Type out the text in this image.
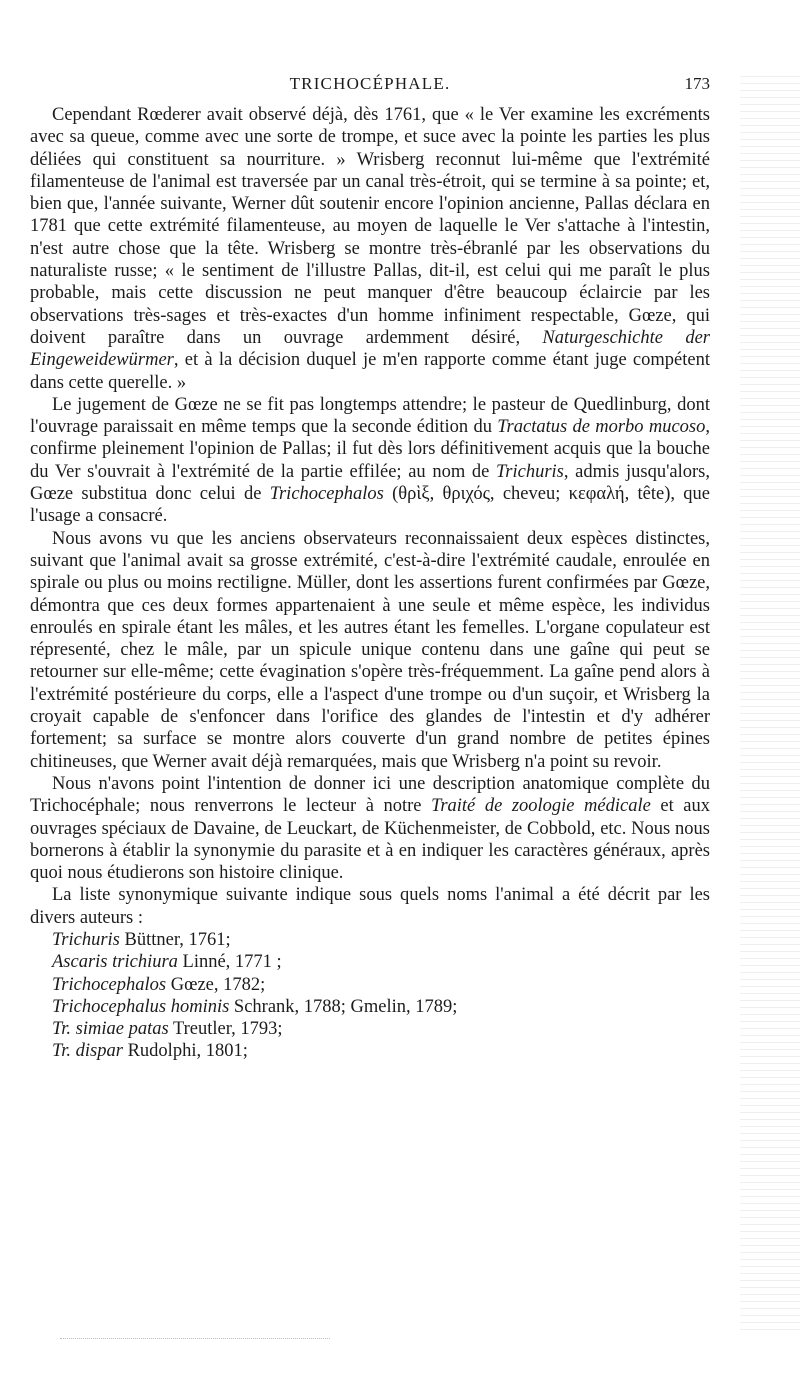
TRICHOCÉPHALE.	173

Cependant Rœderer avait observé déjà, dès 1761, que « le Ver examine les excréments avec sa queue, comme avec une sorte de trompe, et suce avec la pointe les parties les plus déliées qui constituent sa nourriture. » Wrisberg reconnut lui-même que l'extrémité filamenteuse de l'animal est traversée par un canal très-étroit, qui se termine à sa pointe; et, bien que, l'année suivante, Werner dût soutenir encore l'opinion ancienne, Pallas déclara en 1781 que cette extrémité filamenteuse, au moyen de laquelle le Ver s'attache à l'intestin, n'est autre chose que la tête. Wrisberg se montre très-ébranlé par les observations du naturaliste russe; « le sentiment de l'illustre Pallas, dit-il, est celui qui me paraît le plus probable, mais cette discussion ne peut manquer d'être beaucoup éclaircie par les observations très-sages et très-exactes d'un homme infiniment respectable, Gœze, qui doivent paraître dans un ouvrage ardemment désiré, Naturgeschichte der Eingeweidewürmer, et à la décision duquel je m'en rapporte comme étant juge compétent dans cette querelle. »

Le jugement de Gœze ne se fit pas longtemps attendre; le pasteur de Quedlinburg, dont l'ouvrage paraissait en même temps que la seconde édition du Tractatus de morbo mucoso, confirme pleinement l'opinion de Pallas; il fut dès lors définitivement acquis que la bouche du Ver s'ouvrait à l'extrémité de la partie effilée; au nom de Trichuris, admis jusqu'alors, Gœze substitua donc celui de Trichocephalos (θρὶξ, θριχός, cheveu; κεφαλή, tête), que l'usage a consacré.

Nous avons vu que les anciens observateurs reconnaissaient deux espèces distinctes, suivant que l'animal avait sa grosse extrémité, c'est-à-dire l'extrémité caudale, enroulée en spirale ou plus ou moins rectiligne. Müller, dont les assertions furent confirmées par Gœze, démontra que ces deux formes appartenaient à une seule et même espèce, les individus enroulés en spirale étant les mâles, et les autres étant les femelles. L'organe copulateur est répresenté, chez le mâle, par un spicule unique contenu dans une gaîne qui peut se retourner sur elle-même; cette évagination s'opère très-fréquemment. La gaîne pend alors à l'extrémité postérieure du corps, elle a l'aspect d'une trompe ou d'un suçoir, et Wrisberg la croyait capable de s'enfoncer dans l'orifice des glandes de l'intestin et d'y adhérer fortement; sa surface se montre alors couverte d'un grand nombre de petites épines chitineuses, que Werner avait déjà remarquées, mais que Wrisberg n'a point su revoir.

Nous n'avons point l'intention de donner ici une description anatomique complète du Trichocéphale; nous renverrons le lecteur à notre Traité de zoologie médicale et aux ouvrages spéciaux de Davaine, de Leuckart, de Küchenmeister, de Cobbold, etc. Nous nous bornerons à établir la synonymie du parasite et à en indiquer les caractères généraux, après quoi nous étudierons son histoire clinique.

La liste synonymique suivante indique sous quels noms l'animal a été décrit par les divers auteurs :

Trichuris Büttner, 1761;
Ascaris trichiura Linné, 1771 ;
Trichocephalos Gœze, 1782;
Trichocephalus hominis Schrank, 1788; Gmelin, 1789;
Tr. simiae patas Treutler, 1793;
Tr. dispar Rudolphi, 1801;
